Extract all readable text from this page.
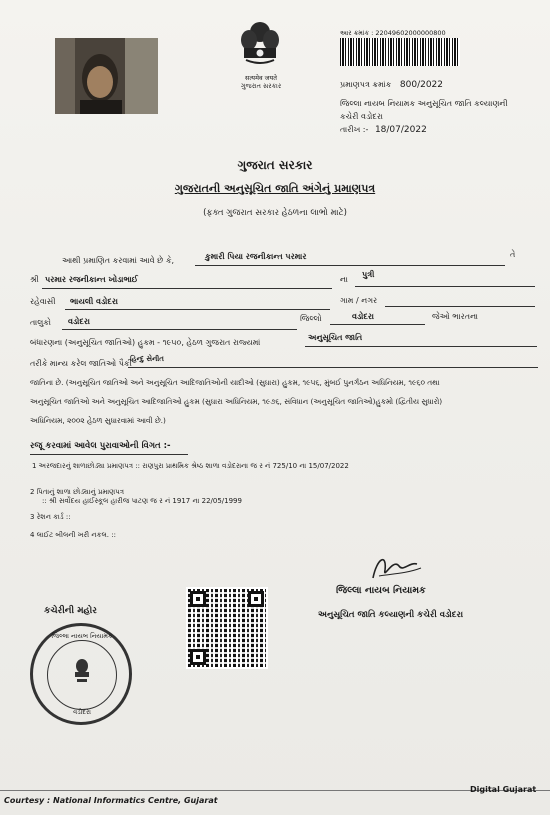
सत्यमेव जयते
ગુજરાત સરકાર
આર ક્રમાંક : 22049602000000800
પ્રમાણપત્ર ક્રમાંક 800/2022
જિલ્લા નાયબ નિયામક અનુસૂચિત જાતિ કલ્યાણની
કચેરી વડોદરા
તારીખ :- 18/07/2022
ગુજરાત સરકાર
ગુજરાતની અનુસૂચિત જાતિ અંગેનું પ્રમાણપત્ર
(ફક્ત ગુજરાત સરકાર હેઠળના લાભો માટે)
આથી પ્રમાણિત કરવામાં આવે છે કે,	કુમારી પિયા રજનીકાન્ત પરમાર	તે
શ્રી પરમાર રજનીકાન્ત ખોડાભાઈ	ના
પુત્રી
રહેવાસી ભાયલી વડોદરા	ગામ / નગર
તાલુકો વડોદરા	જિલ્લો	વડોદરા	જેઓ ભારતના
બંધારણના (અનુસૂચિત જાતિઓ) હુકમ - ૧૯૫૦, હેઠળ ગુજરાત રાજ્યમાં
અનુસૂચિત જાતિ
તરીકે માન્ય કરેલ જાતિઓ પૈકી
હિન્દુ સેનીત
જાતિના છે. (અનુસૂચિત જાતિઓ અને અનુસૂચિત આદિજાતિઓની યાદીઓ (સુધારા) હુકમ, ૧૯૫૬, મુંબઈ પુનર્ગઠન અધિનિયમ, ૧૯૬૦ તથા
અનુસૂચિત જાતિઓ અને અનુસૂચિત આદિજાતિઓ હુકમ (સુધારા અધિનિયમ, ૧૯૭૬, સંવિધાન (અનુસૂચિત જાતિઓ)હુકમો (દ્વિતીય સુધારો)
અધિનિયમ, ૨૦૦૨ હેઠળ સુધારવામાં આવી છે.)
રજૂ કરવામાં આવેલ પુરાવાઓની વિગત :-
1 અરજદારનું શાળાછોડ્યા પ્રમાણપત્ર :: રાણપુરા પ્રાથમિક શ્રેષ્ઠ શાળા વડોદરાના જ ર નં 725/10 ના 15/07/2022
2 પિતાનું શાળા છોડ્યાનું પ્રમાણપત્ર
:: શ્રી સર્વોદય હાઈસ્કૂલ હારીજ પાટણ જ ર નં 1917 ના 22/05/1999
3 રેશન કાર્ડ ::
4 લાઈટ બીલની ખરી નકલ. ::
જિલ્લા નાયબ નિયામક
અનુસૂચિત જાતિ કલ્યાણની કચેરી વડોદરા
કચેરીની મહોર
જિલ્લા નાયબ નિયામક
વડોદરા
Courtesy : National Informatics Centre, Gujarat
Digital Gujarat
